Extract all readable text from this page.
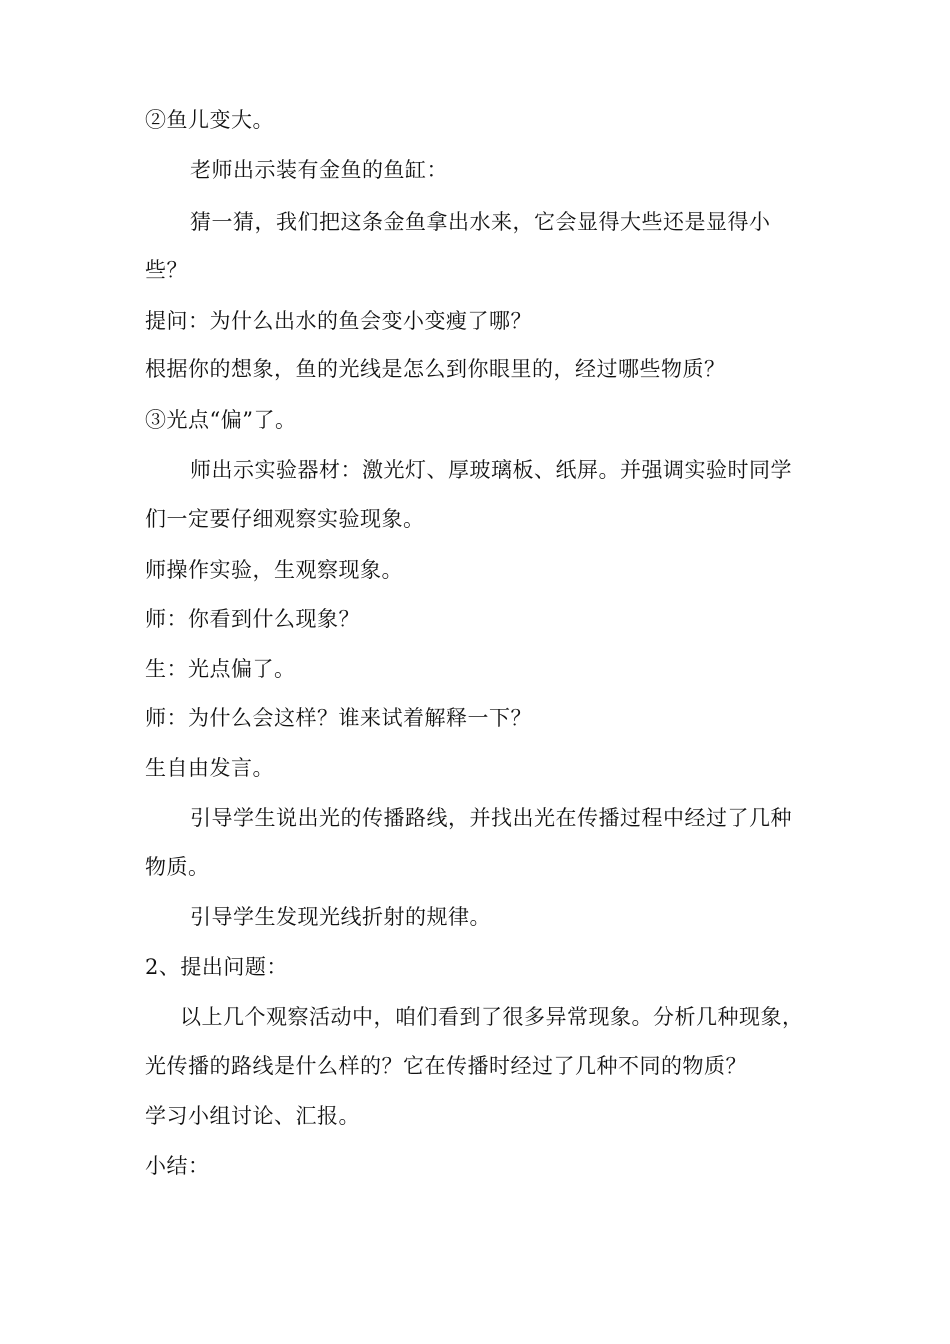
②鱼儿变大。
老师出示装有金鱼的鱼缸：
猜一猜，我们把这条金鱼拿出水来，它会显得大些还是显得小
些？
提问：为什么出水的鱼会变小变瘦了哪？
根据你的想象，鱼的光线是怎么到你眼里的，经过哪些物质？
③光点“偏”了。
师出示实验器材：激光灯、厚玻璃板、纸屏。并强调实验时同学
们一定要仔细观察实验现象。
师操作实验，生观察现象。
师：你看到什么现象？
生：光点偏了。
师：为什么会这样？谁来试着解释一下？
生自由发言。
引导学生说出光的传播路线，并找出光在传播过程中经过了几种
物质。
引导学生发现光线折射的规律。
2、提出问题：
以上几个观察活动中，咱们看到了很多异常现象。分析几种现象，
光传播的路线是什么样的？它在传播时经过了几种不同的物质？
学习小组讨论、汇报。
小结：
